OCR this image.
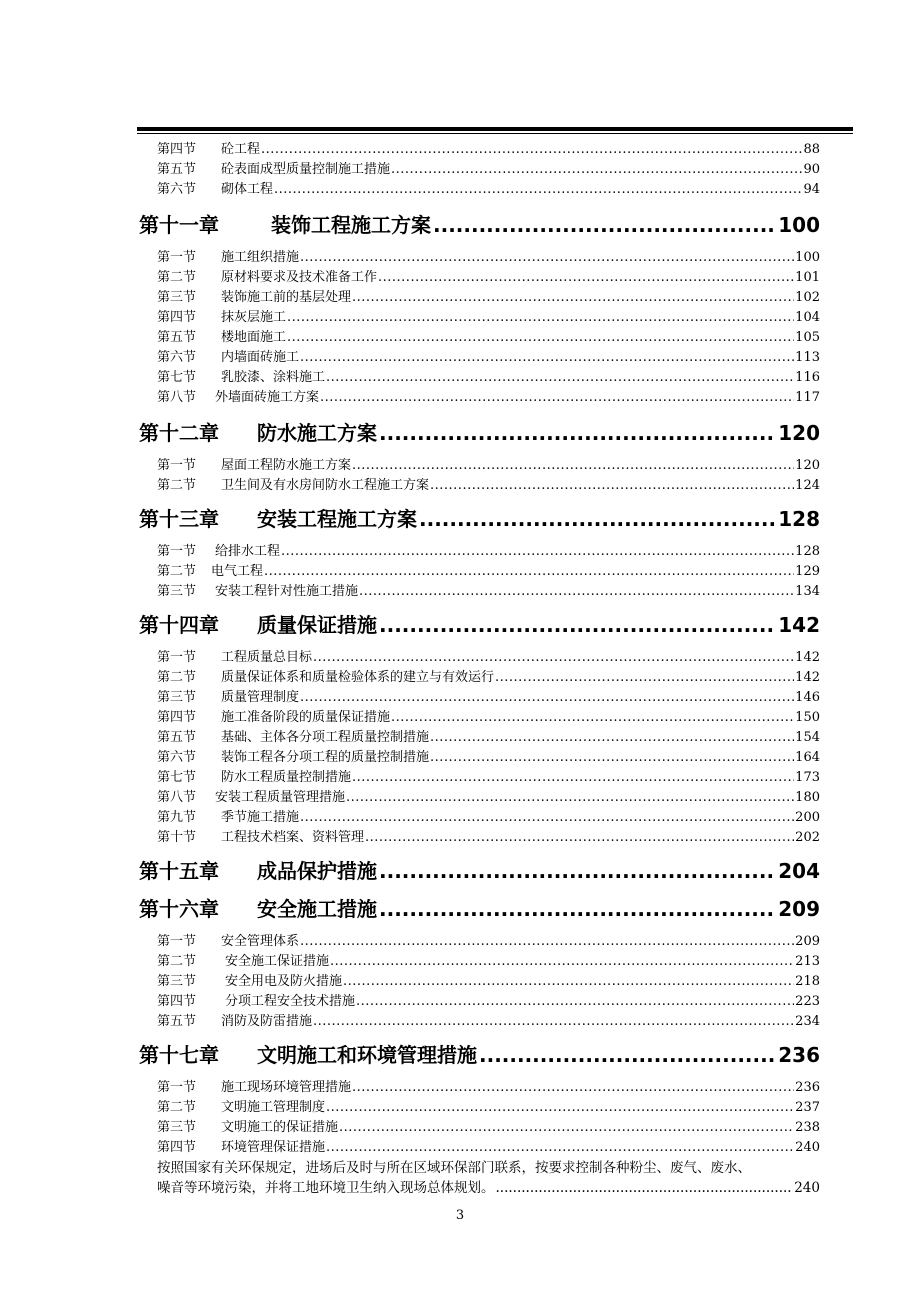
第四节	砼工程 .....	88
第五节	砼表面成型质量控制施工措施 .....	90
第六节	砌体工程 .....	94
第十一章	装饰工程施工方案 .....	100
第一节	施工组织措施 .....	100
第二节	原材料要求及技术准备工作 .....	101
第三节	装饰施工前的基层处理 .....	102
第四节	抹灰层施工 .....	104
第五节	楼地面施工 .....	105
第六节	内墙面砖施工 .....	113
第七节	乳胶漆、涂料施工 .....	116
第八节	外墙面砖施工方案 .....	117
第十二章	防水施工方案 .....	120
第一节	屋面工程防水施工方案 .....	120
第二节	卫生间及有水房间防水工程施工方案 .....	124
第十三章	安装工程施工方案 .....	128
第一节	给排水工程 .....	128
第二节	电气工程 .....	129
第三节	安装工程针对性施工措施 .....	134
第十四章	质量保证措施 .....	142
第一节	工程质量总目标 .....	142
第二节	质量保证体系和质量检验体系的建立与有效运行 .....	142
第三节	质量管理制度 .....	146
第四节	施工准备阶段的质量保证措施 .....	150
第五节	基础、主体各分项工程质量控制措施 .....	154
第六节	装饰工程各分项工程的质量控制措施 .....	164
第七节	防水工程质量控制措施 .....	173
第八节	安装工程质量管理措施 .....	180
第九节	季节施工措施 .....	200
第十节	工程技术档案、资料管理 .....	202
第十五章	成品保护措施 .....	204
第十六章	安全施工措施 .....	209
第一节	安全管理体系 .....	209
第二节	安全施工保证措施 .....	213
第三节	安全用电及防火措施 .....	218
第四节	分项工程安全技术措施 .....	223
第五节	消防及防雷措施 .....	234
第十七章	文明施工和环境管理措施 .....	236
第一节	施工现场环境管理措施 .....	236
第二节	文明施工管理制度 .....	237
第三节	文明施工的保证措施 .....	238
第四节	环境管理保证措施 .....	240
按照国家有关环保规定，进场后及时与所在区域环保部门联系，按要求控制各种粉尘、废气、废水、
噪音等环境污染，并将工地环境卫生纳入现场总体规划。 .....	240
3
